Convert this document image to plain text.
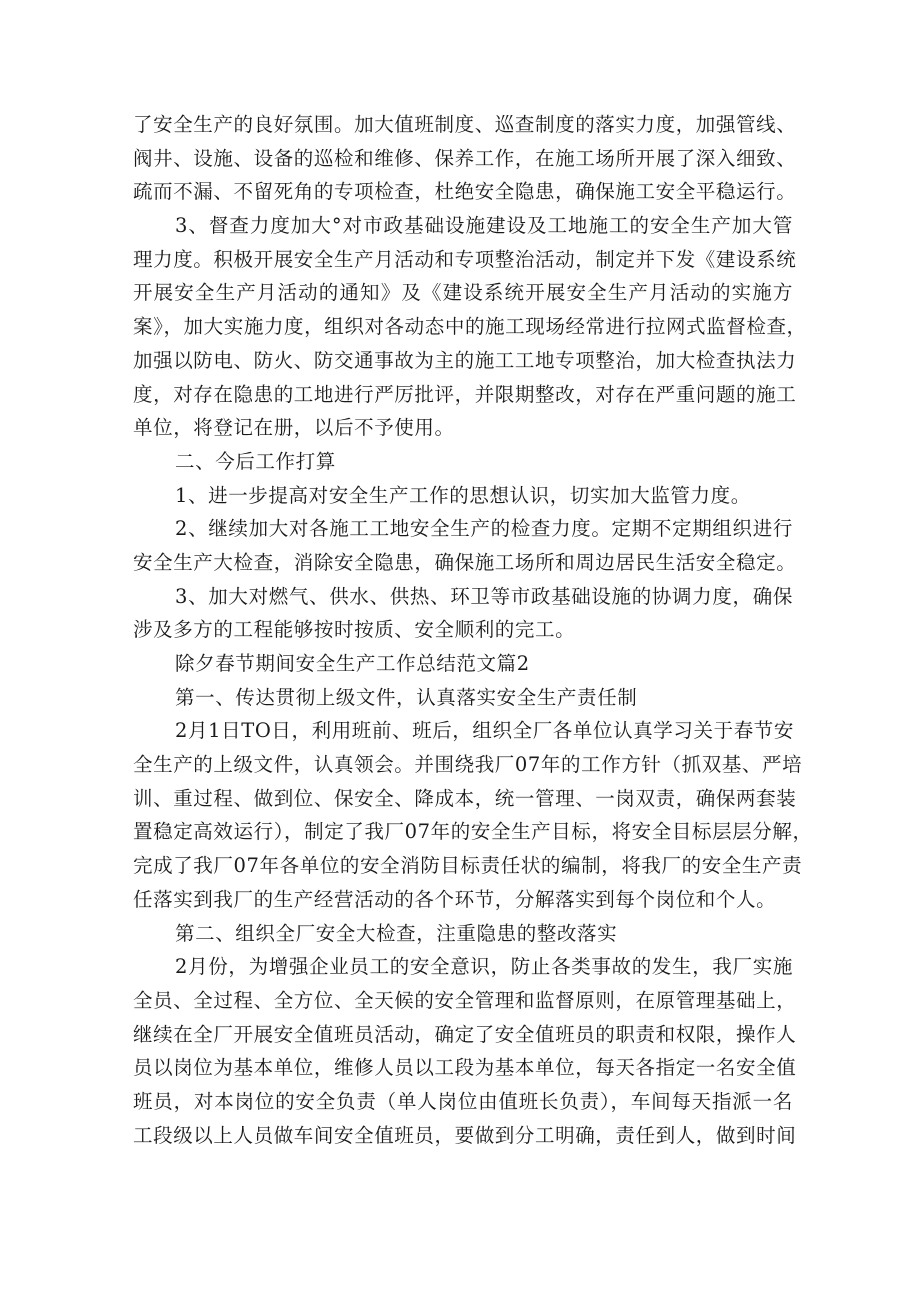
了安全生产的良好氛围。加大值班制度、巡查制度的落实力度，加强管线、
阀井、设施、设备的巡检和维修、保养工作，在施工场所开展了深入细致、
疏而不漏、不留死角的专项检查，杜绝安全隐患，确保施工安全平稳运行。
3、督查力度加大°对市政基础设施建设及工地施工的安全生产加大管
理力度。积极开展安全生产月活动和专项整治活动，制定并下发《建设系统
开展安全生产月活动的通知》及《建设系统开展安全生产月活动的实施方
案》，加大实施力度，组织对各动态中的施工现场经常进行拉网式监督检查，
加强以防电、防火、防交通事故为主的施工工地专项整治，加大检查执法力
度，对存在隐患的工地进行严厉批评，并限期整改，对存在严重问题的施工
单位，将登记在册，以后不予使用。
二、今后工作打算
1、进一步提高对安全生产工作的思想认识，切实加大监管力度。
2、继续加大对各施工工地安全生产的检查力度。定期不定期组织进行
安全生产大检查，消除安全隐患，确保施工场所和周边居民生活安全稳定。
3、加大对燃气、供水、供热、环卫等市政基础设施的协调力度，确保
涉及多方的工程能够按时按质、安全顺利的完工。
除夕春节期间安全生产工作总结范文篇2
第一、传达贯彻上级文件，认真落实安全生产责任制
2月1日TO日，利用班前、班后，组织全厂各单位认真学习关于春节安
全生产的上级文件，认真领会。并围绕我厂07年的工作方针（抓双基、严培
训、重过程、做到位、保安全、降成本，统一管理、一岗双责，确保两套装
置稳定高效运行），制定了我厂07年的安全生产目标，将安全目标层层分解，
完成了我厂07年各单位的安全消防目标责任状的编制，将我厂的安全生产责
任落实到我厂的生产经营活动的各个环节，分解落实到每个岗位和个人。
第二、组织全厂安全大检查，注重隐患的整改落实
2月份，为增强企业员工的安全意识，防止各类事故的发生，我厂实施
全员、全过程、全方位、全天候的安全管理和监督原则，在原管理基础上，
继续在全厂开展安全值班员活动，确定了安全值班员的职责和权限，操作人
员以岗位为基本单位，维修人员以工段为基本单位，每天各指定一名安全值
班员，对本岗位的安全负责（单人岗位由值班长负责），车间每天指派一名
工段级以上人员做车间安全值班员，要做到分工明确，责任到人，做到时间
